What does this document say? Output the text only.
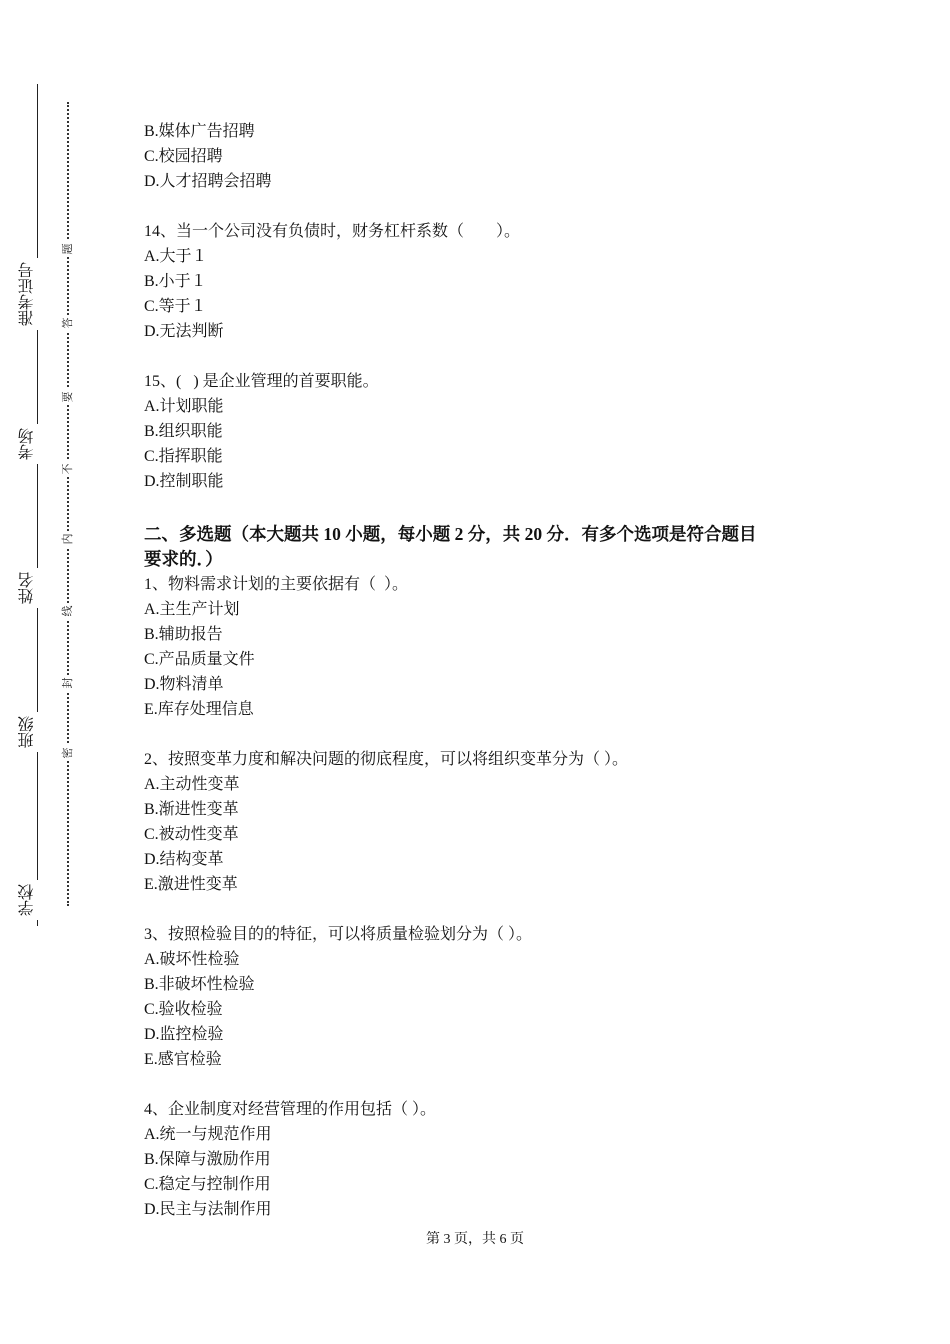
准考证号
考场
姓名
班级
学校
题
答
要
不
内
线
封
密
B.媒体广告招聘
C.校园招聘
D.人才招聘会招聘
14、当一个公司没有负债时，财务杠杆系数（　　）。
A.大于１
B.小于１
C.等于１
D.无法判断
15、(   ) 是企业管理的首要职能。
A.计划职能
B.组织职能
C.指挥职能
D.控制职能
二、多选题（本大题共 10 小题，每小题 2 分，共 20 分．有多个选项是符合题目
要求的．）
1、物料需求计划的主要依据有（  ）。
A.主生产计划
B.辅助报告
C.产品质量文件
D.物料清单
E.库存处理信息
2、按照变革力度和解决问题的彻底程度，可以将组织变革分为（ ）。
A.主动性变革
B.渐进性变革
C.被动性变革
D.结构变革
E.激进性变革
3、按照检验目的的特征，可以将质量检验划分为（ ）。
A.破坏性检验
B.非破坏性检验
C.验收检验
D.监控检验
E.感官检验
4、企业制度对经营管理的作用包括（ ）。
A.统一与规范作用
B.保障与激励作用
C.稳定与控制作用
D.民主与法制作用
第 3 页，共 6 页
